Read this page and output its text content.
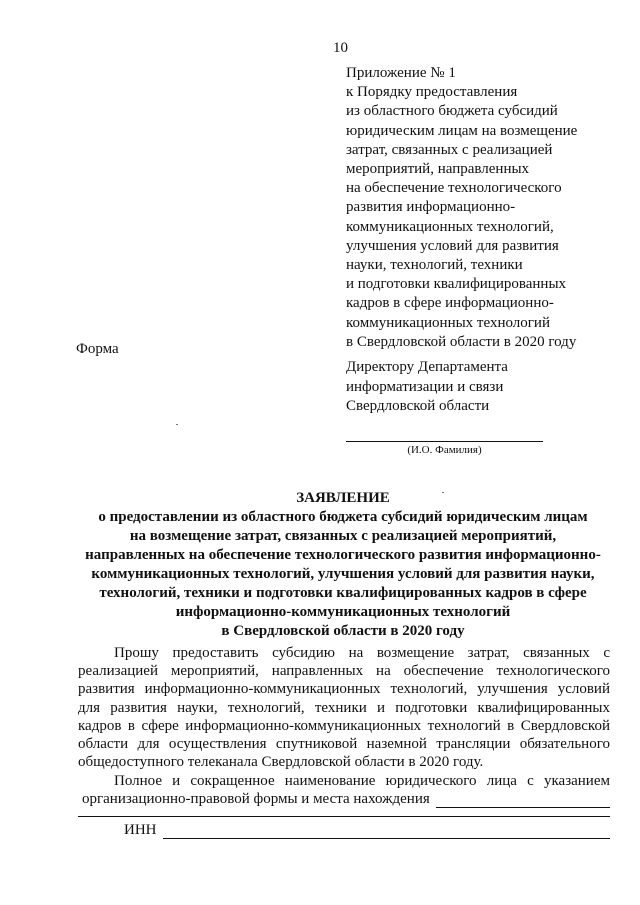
10
Приложение № 1
к Порядку предоставления
из областного бюджета субсидий
юридическим лицам на возмещение
затрат, связанных с реализацией
мероприятий, направленных
на обеспечение технологического
развития информационно-
коммуникационных технологий,
улучшения условий для развития
науки, технологий, техники
и подготовки квалифицированных
кадров в сфере информационно-
коммуникационных технологий
в Свердловской области в 2020 году
Форма
Директору Департамента
информатизации и связи
Свердловской области
(И.О. Фамилия)
ЗАЯВЛЕНИЕ
о предоставлении из областного бюджета субсидий юридическим лицам
на возмещение затрат, связанных с реализацией мероприятий,
направленных на обеспечение технологического развития информационно-
коммуникационных технологий, улучшения условий для развития науки,
технологий, техники и подготовки квалифицированных кадров в сфере
информационно-коммуникационных технологий
в Свердловской области в 2020 году

Прошу предоставить субсидию на возмещение затрат, связанных с реализацией мероприятий, направленных на обеспечение технологического развития информационно-коммуникационных технологий, улучшения условий для развития науки, технологий, техники и подготовки квалифицированных кадров в сфере информационно-коммуникационных технологий в Свердловской области для осуществления спутниковой наземной трансляции обязательного общедоступного телеканала Свердловской области в 2020 году.

Полное и сокращенное наименование юридического лица с указанием
организационно-правовой формы и места нахождения
ИНН
